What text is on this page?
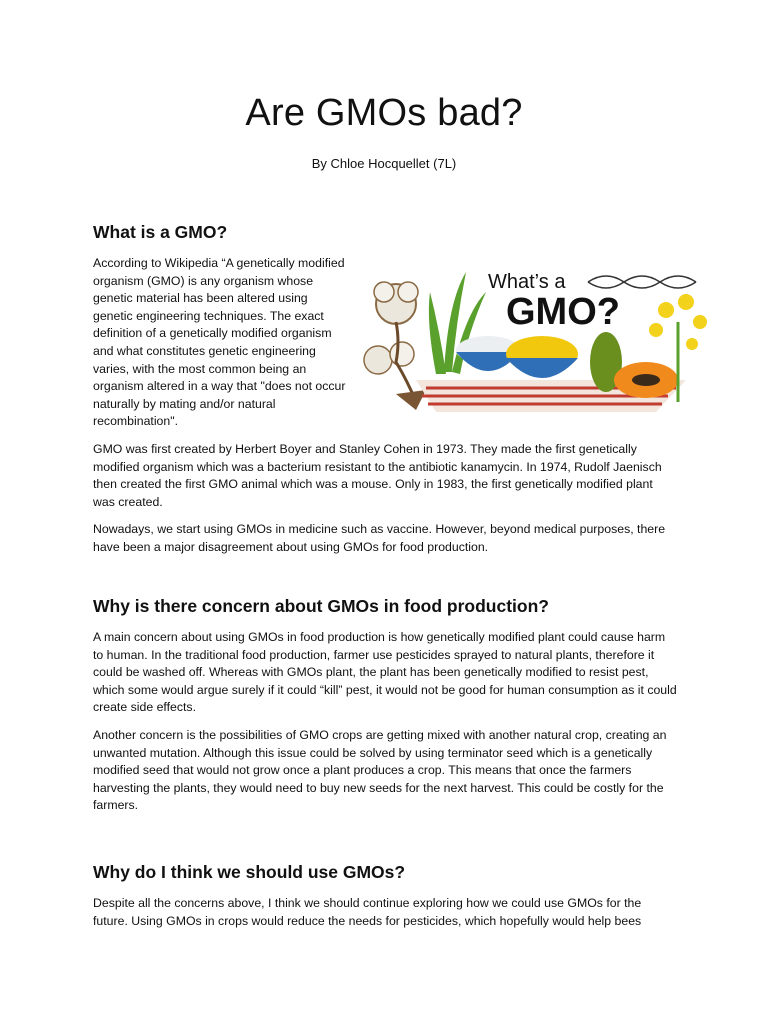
Are GMOs bad?
By Chloe Hocquellet (7L)
What is a GMO?

According to Wikipedia “A genetically modified organism (GMO) is any organism whose genetic material has been altered using genetic engineering techniques. The exact definition of a genetically modified organism and what constitutes genetic engineering varies, with the most common being an organism altered in a way that "does not occur naturally by mating and/or natural recombination".

What’s a
GMO?

GMO was first created by Herbert Boyer and Stanley Cohen in 1973. They made the first genetically modified organism which was a bacterium resistant to the antibiotic kanamycin. In 1974, Rudolf Jaenisch then created the first GMO animal which was a mouse. Only in 1983, the first genetically modified plant was created.

Nowadays, we start using GMOs in medicine such as vaccine. However, beyond medical purposes, there have been a major disagreement about using GMOs for food production.

Why is there concern about GMOs in food production?

A main concern about using GMOs in food production is how genetically modified plant could cause harm to human. In the traditional food production, farmer use pesticides sprayed to natural plants, therefore it could be washed off. Whereas with GMOs plant, the plant has been genetically modified to resist pest, which some would argue surely if it could “kill” pest, it would not be good for human consumption as it could create side effects.

Another concern is the possibilities of GMO crops are getting mixed with another natural crop, creating an unwanted mutation. Although this issue could be solved by using terminator seed which is a genetically modified seed that would not grow once a plant produces a crop. This means that once the farmers harvesting the plants, they would need to buy new seeds for the next harvest. This could be costly for the farmers.

Why do I think we should use GMOs?

Despite all the concerns above, I think we should continue exploring how we could use GMOs for the future. Using GMOs in crops would reduce the needs for pesticides, which hopefully would help bees
